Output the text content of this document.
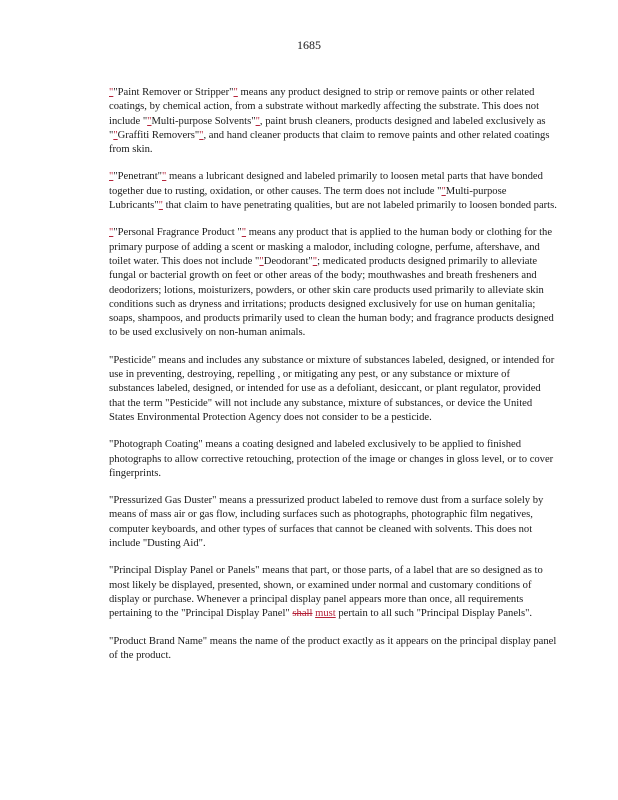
1685

""Paint Remover or Stripper"" means any product designed to strip or remove paints or other related coatings, by chemical action, from a substrate without markedly affecting the substrate. This does not include ""Multi-purpose Solvents"", paint brush cleaners, products designed and labeled exclusively as ""Graffiti Removers"", and hand cleaner products that claim to remove paints and other related coatings from skin.

""Penetrant"" means a lubricant designed and labeled primarily to loosen metal parts that have bonded together due to rusting, oxidation, or other causes. The term does not include ""Multi-purpose Lubricants"" that claim to have penetrating qualities, but are not labeled primarily to loosen bonded parts.

""Personal Fragrance Product "" means any product that is applied to the human body or clothing for the primary purpose of adding a scent or masking a malodor, including cologne, perfume, aftershave, and toilet water. This does not include ""Deodorant""; medicated products designed primarily to alleviate fungal or bacterial growth on feet or other areas of the body; mouthwashes and breath fresheners and deodorizers; lotions, moisturizers, powders, or other skin care products used primarily to alleviate skin conditions such as dryness and irritations; products designed exclusively for use on human genitalia; soaps, shampoos, and products primarily used to clean the human body; and fragrance products designed to be used exclusively on non-human animals.

"Pesticide" means and includes any substance or mixture of substances labeled, designed, or intended for use in preventing, destroying, repelling , or mitigating any pest, or any substance or mixture of substances labeled, designed, or intended for use as a defoliant, desiccant, or plant regulator, provided that the term "Pesticide" will not include any substance, mixture of substances, or device the United States Environmental Protection Agency does not consider to be a pesticide.

"Photograph Coating" means a coating designed and labeled exclusively to be applied to finished photographs to allow corrective retouching, protection of the image or changes in gloss level, or to cover fingerprints.

"Pressurized Gas Duster" means a pressurized product labeled to remove dust from a surface solely by means of mass air or gas flow, including surfaces such as photographs, photographic film negatives, computer keyboards, and other types of surfaces that cannot be cleaned with solvents. This does not include "Dusting Aid".

"Principal Display Panel or Panels" means that part, or those parts, of a label that are so designed as to most likely be displayed, presented, shown, or examined under normal and customary conditions of display or purchase. Whenever a principal display panel appears more than once, all requirements pertaining to the "Principal Display Panel" shall must pertain to all such "Principal Display Panels".

"Product Brand Name" means the name of the product exactly as it appears on the principal display panel of the product.
